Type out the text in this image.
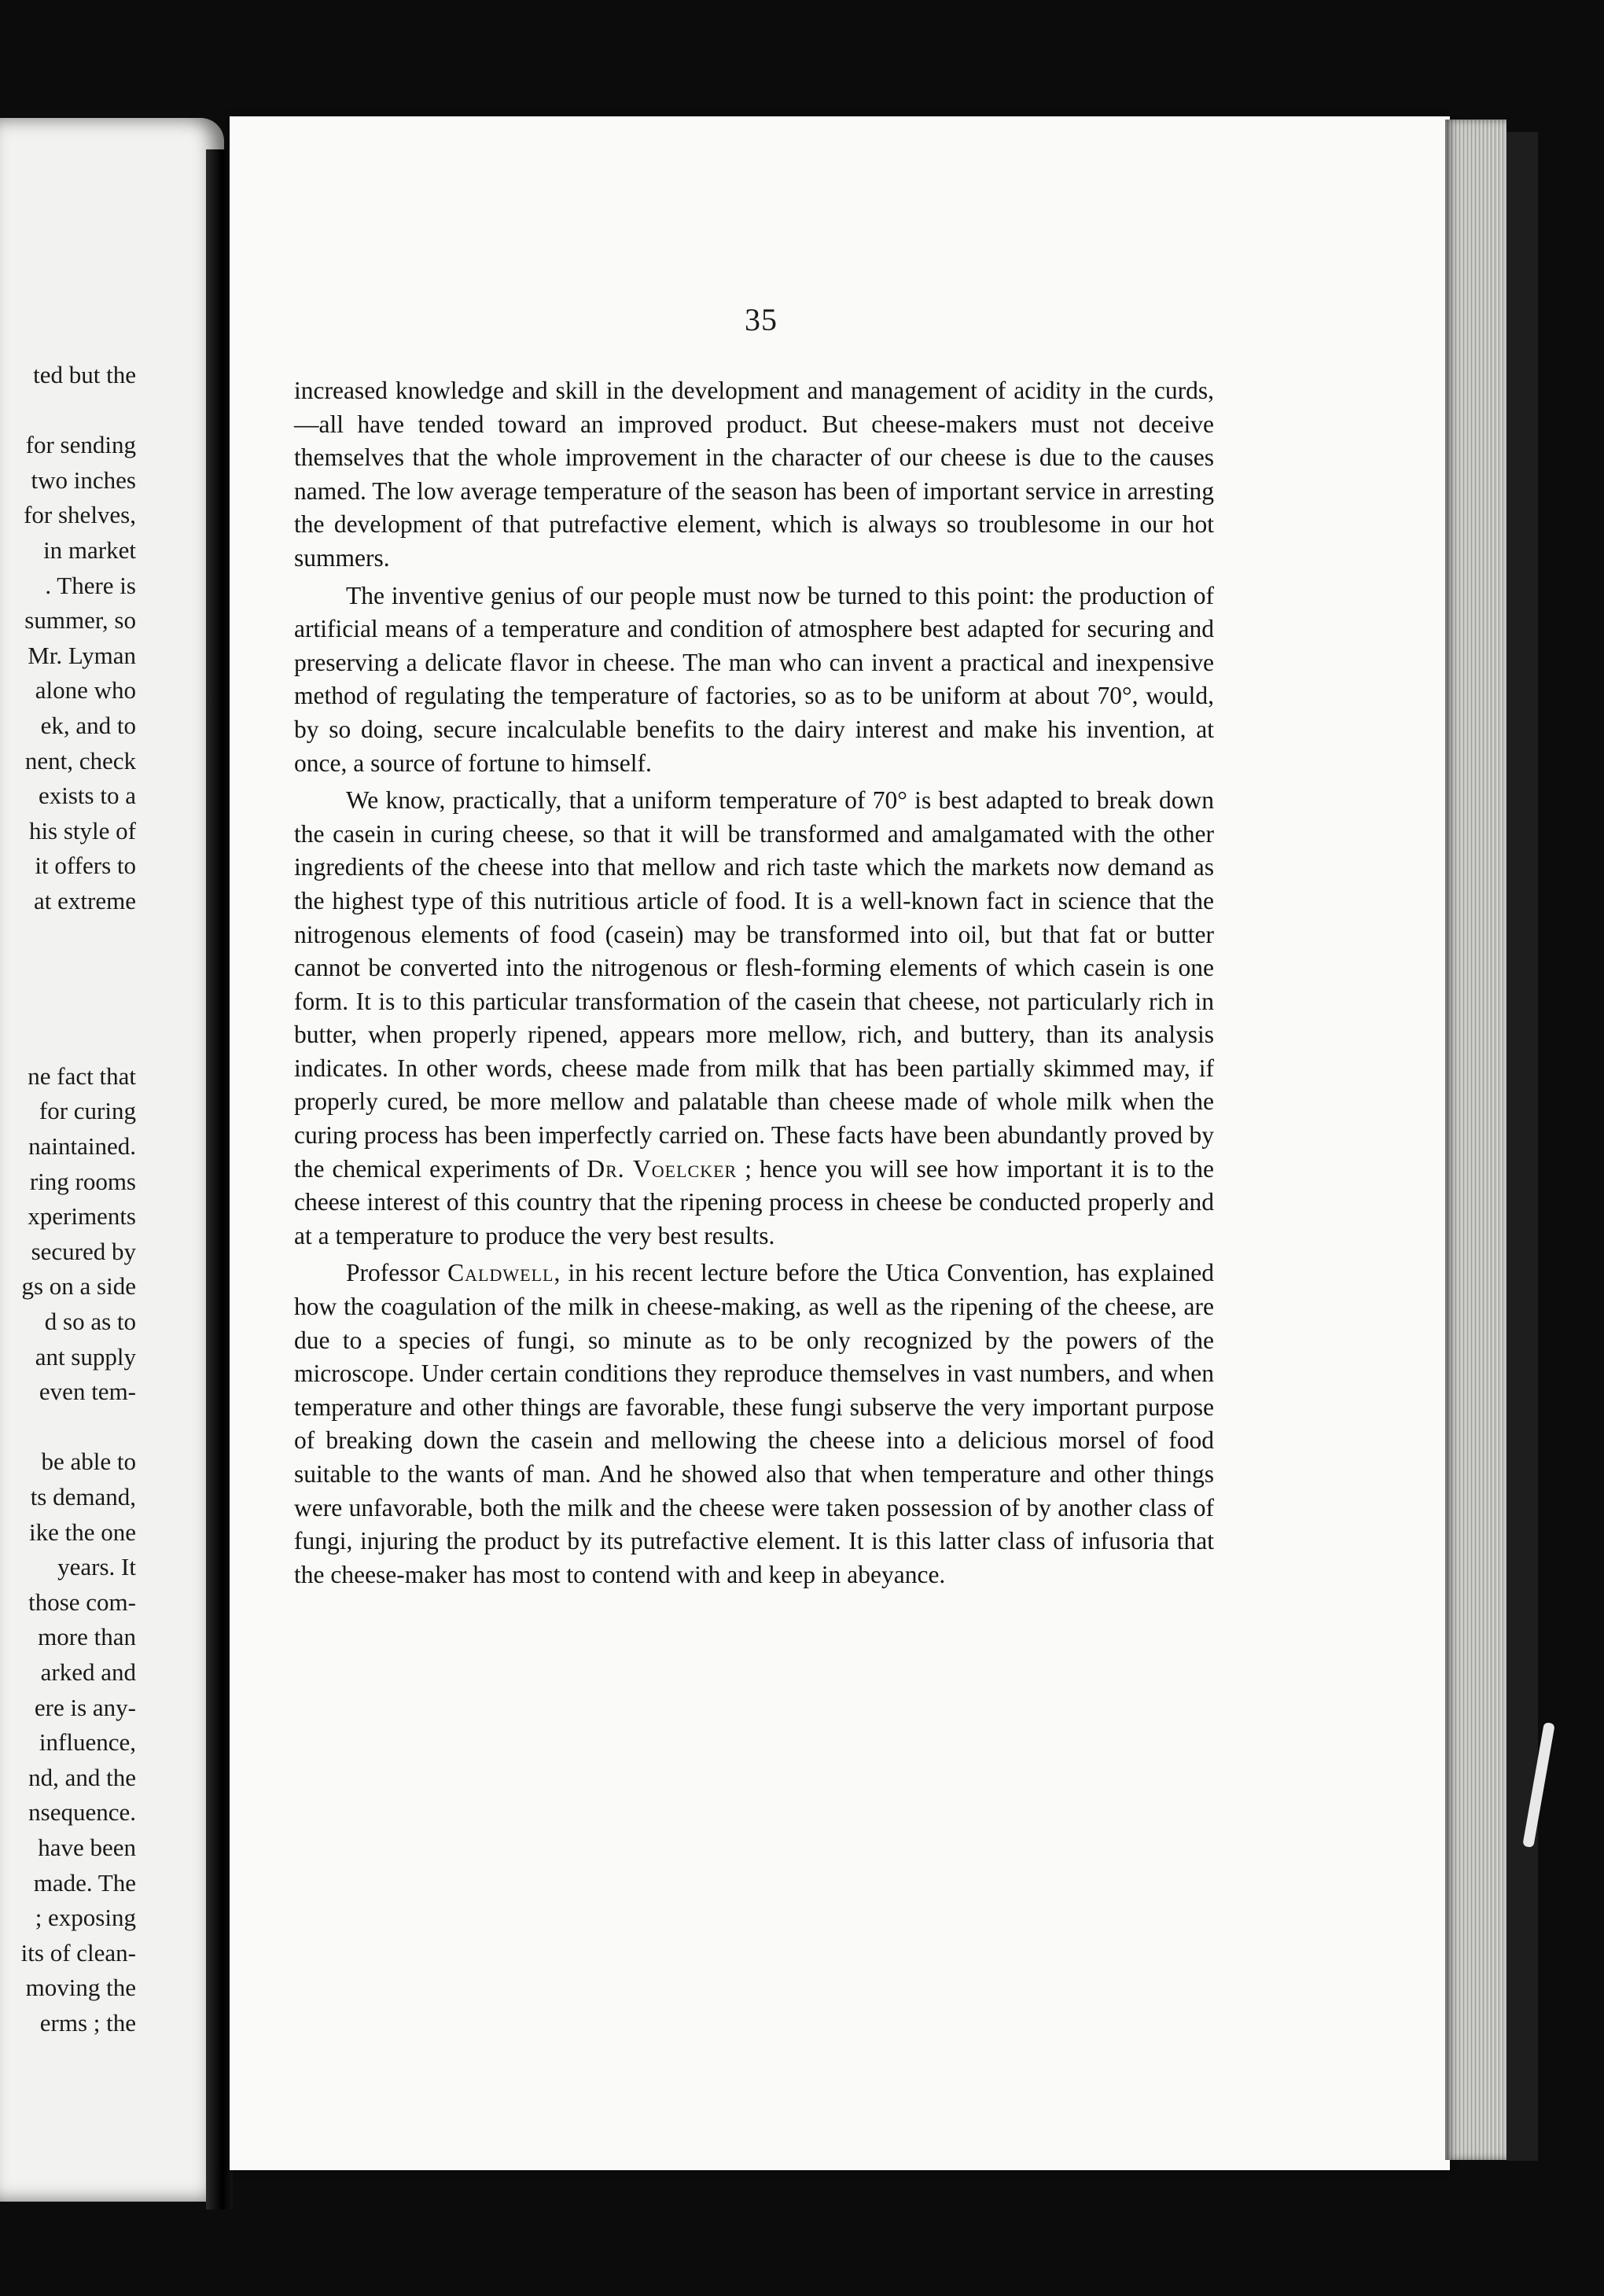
ted but the
for sending
two inches
for shelves,
in market
. There is
summer, so
Mr. Lyman
alone who
ek, and to
nent, check
exists to a
his style of
it offers to
at extreme
ne fact that
for curing
naintained.
ring rooms
xperiments
secured by
gs on a side
d so as to
ant supply
even tem-
be able to
ts demand,
ike the one
years. It
those com-
more than
arked and
ere is any-
influence,
nd, and the
nsequence.
have been
made. The
; exposing
its of clean-
moving the
erms ; the
35

increased knowledge and skill in the development and management of acidity in the curds,—all have tended toward an improved product. But cheese-makers must not deceive themselves that the whole improvement in the character of our cheese is due to the causes named. The low average temperature of the season has been of important service in arresting the development of that putrefactive element, which is always so troublesome in our hot summers.

The inventive genius of our people must now be turned to this point: the production of artificial means of a temperature and condition of atmosphere best adapted for securing and preserving a delicate flavor in cheese. The man who can invent a practical and inexpensive method of regulating the temperature of factories, so as to be uniform at about 70°, would, by so doing, secure incalculable benefits to the dairy interest and make his invention, at once, a source of fortune to himself.

We know, practically, that a uniform temperature of 70° is best adapted to break down the casein in curing cheese, so that it will be transformed and amalgamated with the other ingredients of the cheese into that mellow and rich taste which the markets now demand as the highest type of this nutritious article of food. It is a well-known fact in science that the nitrogenous elements of food (casein) may be transformed into oil, but that fat or butter cannot be converted into the nitrogenous or flesh-forming elements of which casein is one form. It is to this particular transformation of the casein that cheese, not particularly rich in butter, when properly ripened, appears more mellow, rich, and buttery, than its analysis indicates. In other words, cheese made from milk that has been partially skimmed may, if properly cured, be more mellow and palatable than cheese made of whole milk when the curing process has been imperfectly carried on. These facts have been abundantly proved by the chemical experiments of Dr. Voelcker ; hence you will see how important it is to the cheese interest of this country that the ripening process in cheese be conducted properly and at a temperature to produce the very best results.

Professor Caldwell, in his recent lecture before the Utica Convention, has explained how the coagulation of the milk in cheese-making, as well as the ripening of the cheese, are due to a species of fungi, so minute as to be only recognized by the powers of the microscope. Under certain conditions they reproduce themselves in vast numbers, and when temperature and other things are favorable, these fungi subserve the very important purpose of breaking down the casein and mellowing the cheese into a delicious morsel of food suitable to the wants of man. And he showed also that when temperature and other things were unfavorable, both the milk and the cheese were taken possession of by another class of fungi, injuring the product by its putrefactive element. It is this latter class of infusoria that the cheese-maker has most to contend with and keep in abeyance.
